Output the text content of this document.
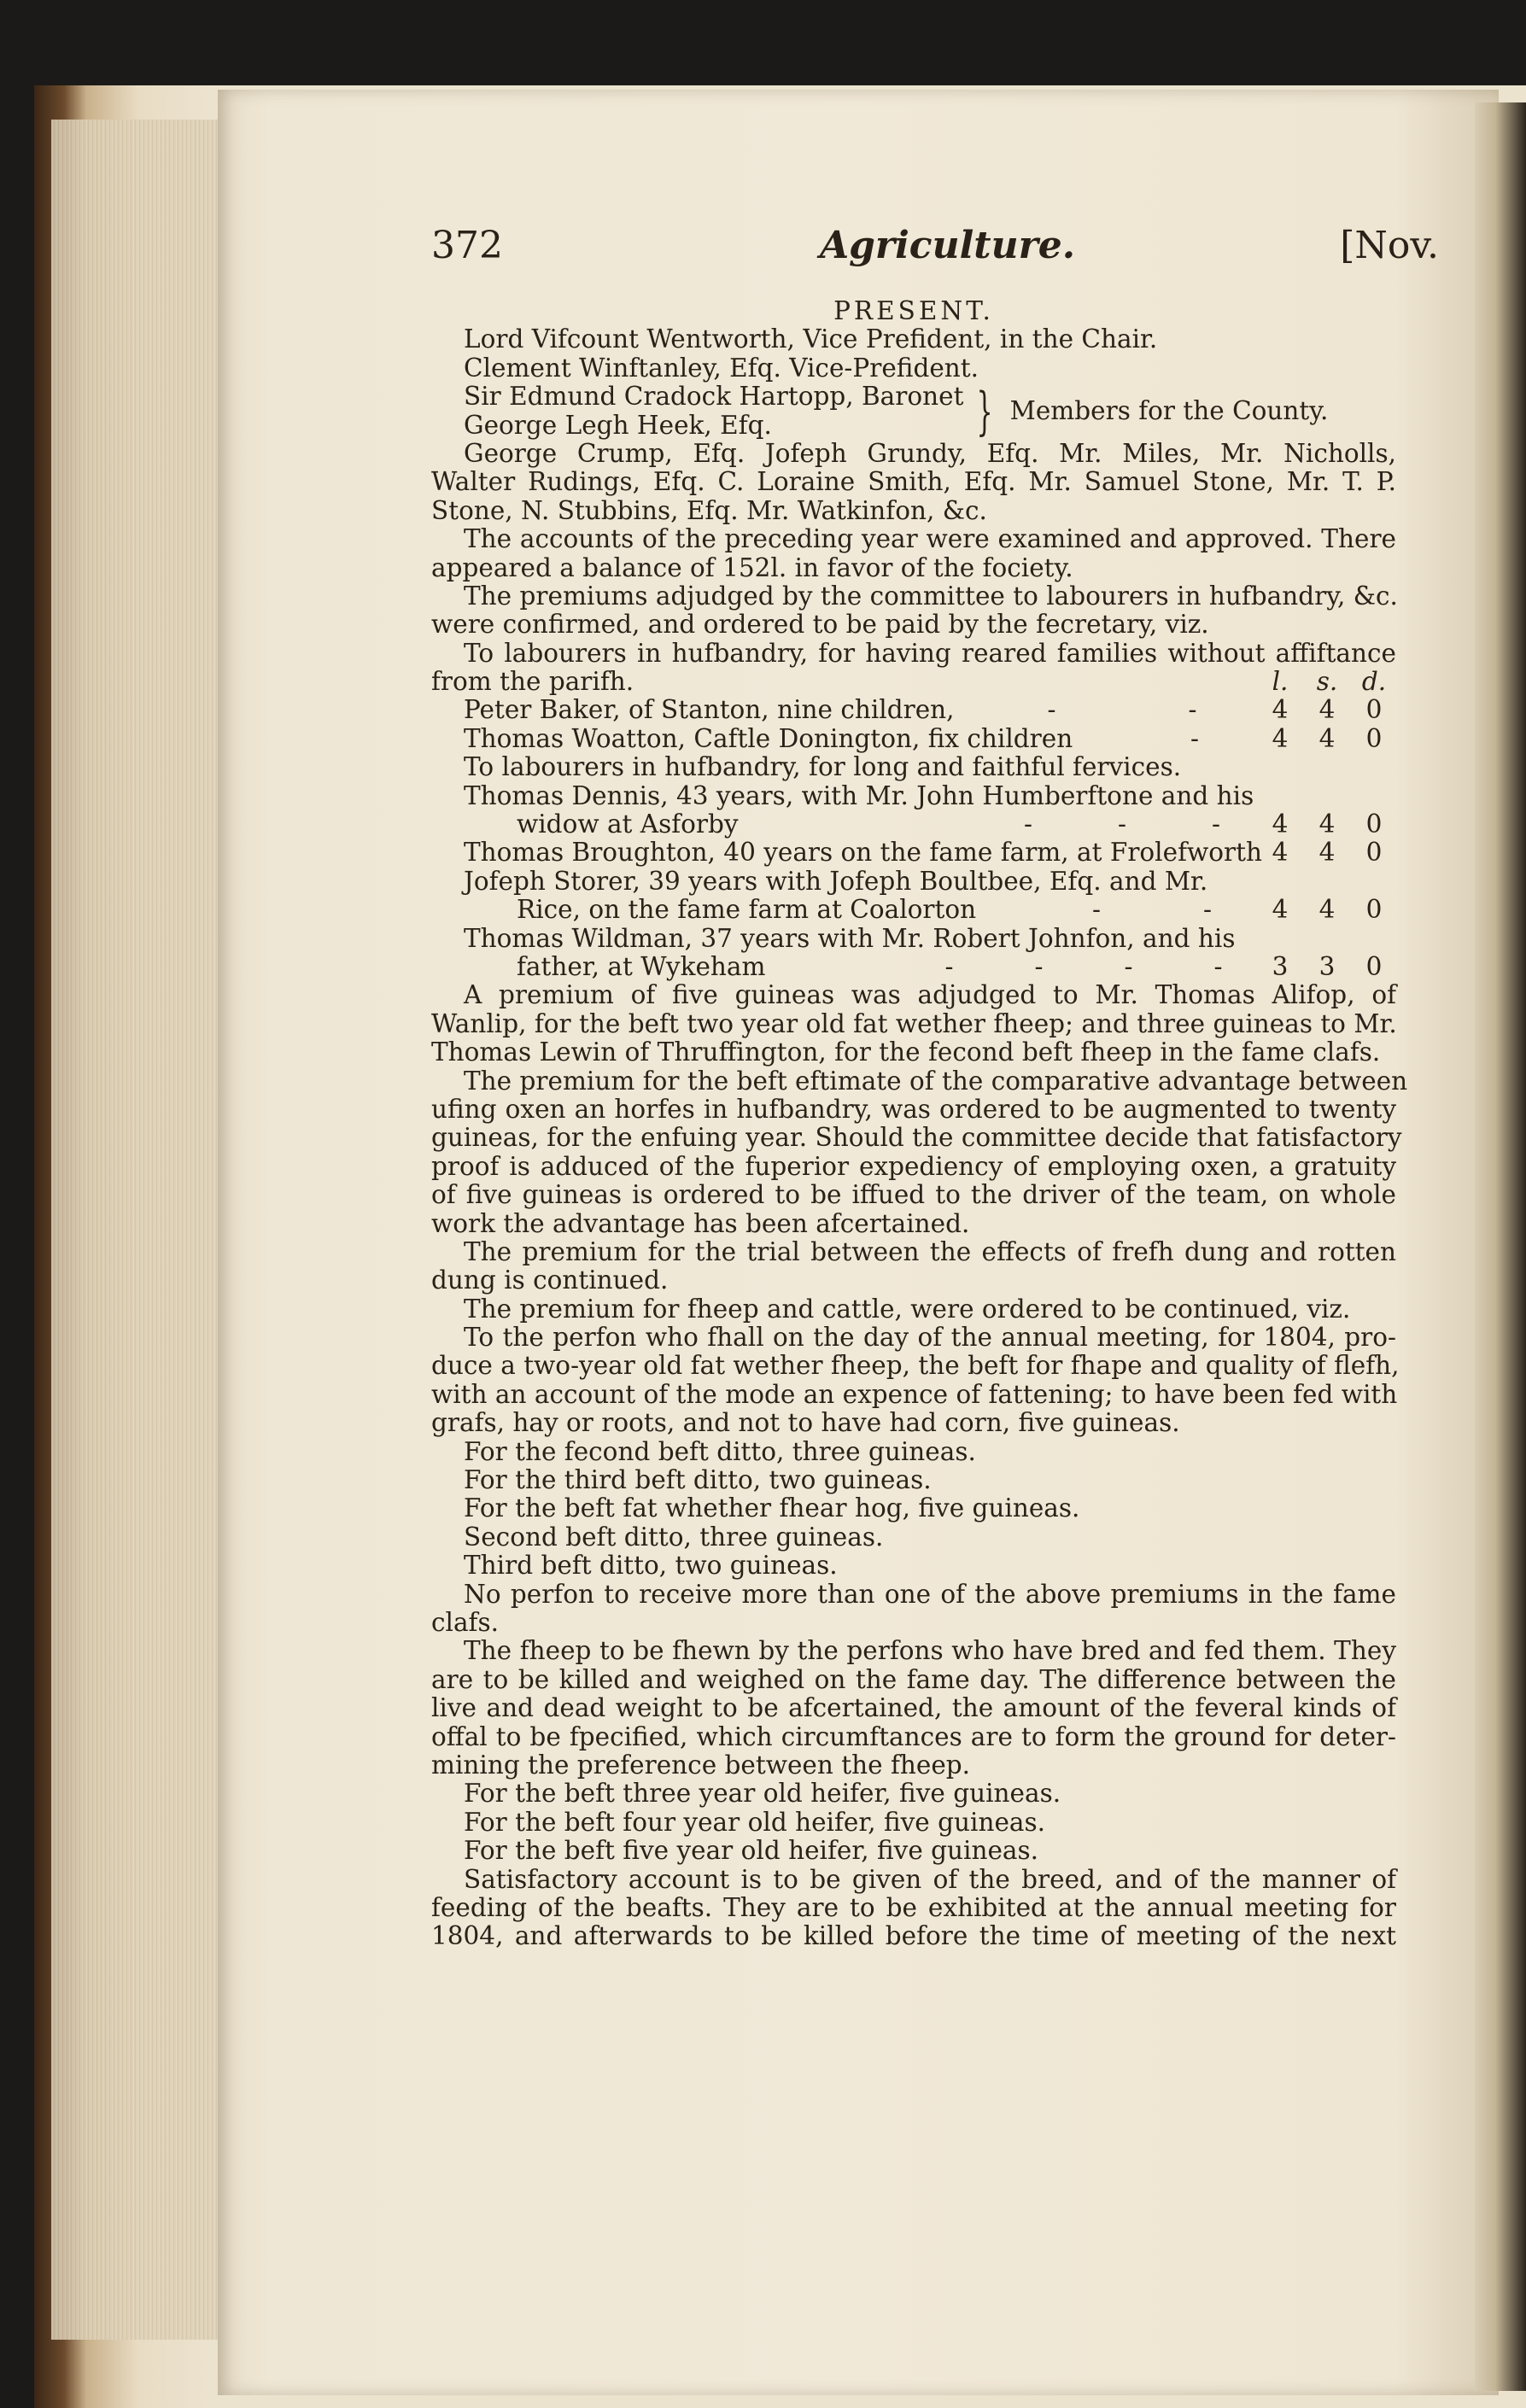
372	Agriculture.	[Nov.
PRESENT.
Lord Vifcount Wentworth, Vice Prefident, in the Chair.
Clement Winftanley, Efq. Vice-Prefident.
Sir Edmund Cradock Hartopp, Baronet
George Legh Heek, Efq.	} Members for the County.
George Crump, Efq. Jofeph Grundy, Efq. Mr. Miles, Mr. Nicholls,
Walter Rudings, Efq. C. Loraine Smith, Efq. Mr. Samuel Stone, Mr. T. P.
Stone, N. Stubbins, Efq. Mr. Watkinfon, &c.
The accounts of the preceding year were examined and approved. There
appeared a balance of 152l. in favor of the fociety.
The premiums adjudged by the committee to labourers in hufbandry, &c.
were confirmed, and ordered to be paid by the fecretary, viz.
To labourers in hufbandry, for having reared families without affiftance
from the parifh.	l.	s. d.
Peter Baker, of Stanton, nine children,	-	-	4	4	0
Thomas Woatton, Caftle Donington, fix children	-	4	4	0
To labourers in hufbandry, for long and faithful fervices.
Thomas Dennis, 43 years, with Mr. John Humberftone and his
widow at Asforby	-	-	-	4	4	0
Thomas Broughton, 40 years on the fame farm, at Frolefworth 4	4	0
Jofeph Storer, 39 years with Jofeph Boultbee, Efq. and Mr.
Rice, on the fame farm at Coalorton	-	-	4	4	0
Thomas Wildman, 37 years with Mr. Robert Johnfon, and his
father, at Wykeham	-	-	-	-	3	3	0
A premium of five guineas was adjudged to Mr. Thomas Alifop, of
Wanlip, for the beft two year old fat wether fheep; and three guineas to Mr.
Thomas Lewin of Thruffington, for the fecond beft fheep in the fame clafs.
The premium for the beft eftimate of the comparative advantage between
ufing oxen an horfes in hufbandry, was ordered to be augmented to twenty
guineas, for the enfuing year. Should the committee decide that fatisfactory
proof is adduced of the fuperior expediency of employing oxen, a gratuity
of five guineas is ordered to be iffued to the driver of the team, on whole
work the advantage has been afcertained.
The premium for the trial between the effects of frefh dung and rotten
dung is continued.
The premium for fheep and cattle, were ordered to be continued, viz.
To the perfon who fhall on the day of the annual meeting, for 1804, pro-
duce a two-year old fat wether fheep, the beft for fhape and quality of flefh,
with an account of the mode an expence of fattening; to have been fed with
grafs, hay or roots, and not to have had corn, five guineas.
For the fecond beft ditto, three guineas.
For the third beft ditto, two guineas.
For the beft fat whether fhear hog, five guineas.
Second beft ditto, three guineas.
Third beft ditto, two guineas.
No perfon to receive more than one of the above premiums in the fame
clafs.
The fheep to be fhewn by the perfons who have bred and fed them. They
are to be killed and weighed on the fame day. The difference between the
live and dead weight to be afcertained, the amount of the feveral kinds of
offal to be fpecified, which circumftances are to form the ground for deter-
mining the preference between the fheep.
For the beft three year old heifer, five guineas.
For the beft four year old heifer, five guineas.
For the beft five year old heifer, five guineas.
Satisfactory account is to be given of the breed, and of the manner of
feeding of the beafts. They are to be exhibited at the annual meeting for
1804, and afterwards to be killed before the time of meeting of the next
